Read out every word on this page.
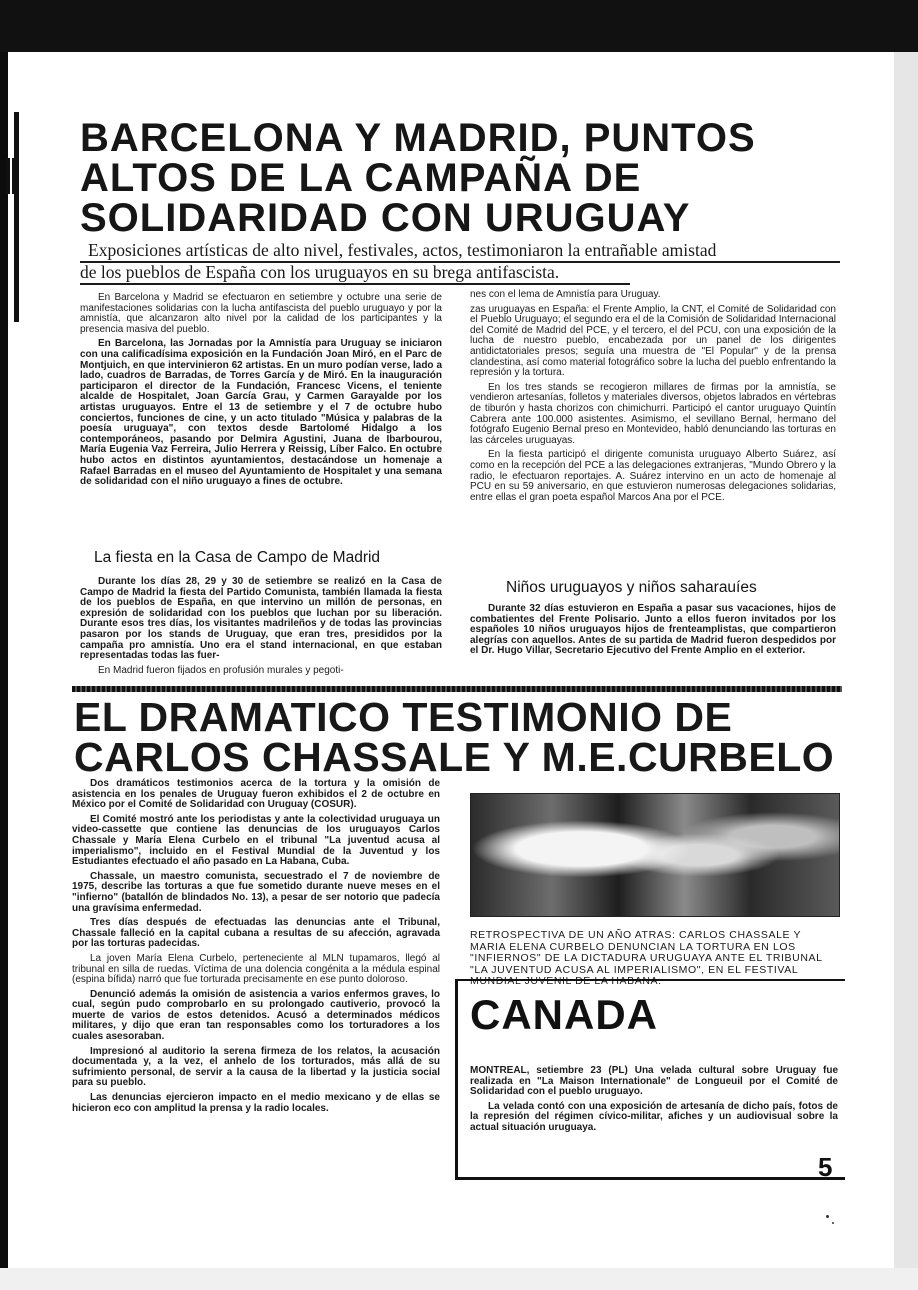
BARCELONA Y MADRID, PUNTOS
ALTOS DE LA CAMPAÑA DE
SOLIDARIDAD CON URUGUAY
Exposiciones artísticas de alto nivel, festivales, actos, testimoniaron la entrañable amistad
de los pueblos de España con los uruguayos en su brega antifascista.

En Barcelona y Madrid se efectuaron en setiembre y octubre una serie de manifestaciones solidarias con la lucha antifascista del pueblo uruguayo y por la amnistía, que alcanzaron alto nivel por la calidad de los participantes y la presencia masiva del pueblo.

En Barcelona, las Jornadas por la Amnistía para Uruguay se iniciaron con una calificadísima exposición en la Fundación Joan Miró, en el Parc de Montjuich, en que intervinieron 62 artistas. En un muro podían verse, lado a lado, cuadros de Barradas, de Torres García y de Miró. En la inauguración participaron el director de la Fundación, Francesc Vicens, el teniente alcalde de Hospitalet, Joan García Grau, y Carmen Garayalde por los artistas uruguayos. Entre el 13 de setiembre y el 7 de octubre hubo conciertos, funciones de cine, y un acto titulado "Música y palabras de la poesía uruguaya", con textos desde Bartolomé Hidalgo a los contemporáneos, pasando por Delmira Agustini, Juana de Ibarbourou, María Eugenia Vaz Ferreira, Julio Herrera y Reissig, Líber Falco. En octubre hubo actos en distintos ayuntamientos, destacándose un homenaje a Rafael Barradas en el museo del Ayuntamiento de Hospitalet y una semana de solidaridad con el niño uruguayo a fines de octubre.

La fiesta en la Casa de Campo de Madrid

Durante los días 28, 29 y 30 de setiembre se realizó en la Casa de Campo de Madrid la fiesta del Partido Comunista, también llamada la fiesta de los pueblos de España, en que intervino un millón de personas, en expresión de solidaridad con los pueblos que luchan por su liberación. Durante esos tres días, los visitantes madrileños y de todas las provincias pasaron por los stands de Uruguay, que eran tres, presididos por la campaña pro amnistía. Uno era el stand internacional, en que estaban representadas todas las fuer-

En Madrid fueron fijados en profusión murales y pegoti-

nes con el lema de Amnistía para Uruguay.

zas uruguayas en España: el Frente Amplio, la CNT, el Comité de Solidaridad con el Pueblo Uruguayo; el segundo era el de la Comisión de Solidaridad Internacional del Comité de Madrid del PCE, y el tercero, el del PCU, con una exposición de la lucha de nuestro pueblo, encabezada por un panel de los dirigentes antidictatoriales presos; seguía una muestra de "El Popular" y de la prensa clandestina, así como material fotográfico sobre la lucha del pueblo enfrentando la represión y la tortura.

En los tres stands se recogieron millares de firmas por la amnistía, se vendieron artesanías, folletos y materiales diversos, objetos labrados en vértebras de tiburón y hasta chorizos con chimichurri. Participó el cantor uruguayo Quintín Cabrera ante 100.000 asistentes. Asimismo, el sevillano Bernal, hermano del fotógrafo Eugenio Bernal preso en Montevideo, habló denunciando las torturas en las cárceles uruguayas.

En la fiesta participó el dirigente comunista uruguayo Alberto Suárez, así como en la recepción del PCE a las delegaciones extranjeras, "Mundo Obrero y la radio, le efectuaron reportajes. A. Suárez intervino en un acto de homenaje al PCU en su 59 aniversario, en que estuvieron numerosas delegaciones solidarias, entre ellas el gran poeta español Marcos Ana por el PCE.

Niños uruguayos y niños saharauíes

Durante 32 días estuvieron en España a pasar sus vacaciones, hijos de combatientes del Frente Polisario. Junto a ellos fueron invitados por los españoles 10 niños uruguayos hijos de frenteamplistas, que compartieron alegrías con aquellos. Antes de su partida de Madrid fueron despedidos por el Dr. Hugo Villar, Secretario Ejecutivo del Frente Amplio en el exterior.

EL DRAMATICO TESTIMONIO DE
CARLOS CHASSALE Y M.E.CURBELO

Dos dramáticos testimonios acerca de la tortura y la omisión de asistencia en los penales de Uruguay fueron exhibidos el 2 de octubre en México por el Comité de Solidaridad con Uruguay (COSUR).

El Comité mostró ante los periodistas y ante la colectividad uruguaya un video-cassette que contiene las denuncias de los uruguayos Carlos Chassale y María Elena Curbelo en el tribunal "La juventud acusa al imperialismo", incluido en el Festival Mundial de la Juventud y los Estudiantes efectuado el año pasado en La Habana, Cuba.

Chassale, un maestro comunista, secuestrado el 7 de noviembre de 1975, describe las torturas a que fue sometido durante nueve meses en el "infierno" (batallón de blindados No. 13), a pesar de ser notorio que padecía una gravísima enfermedad.

Tres días después de efectuadas las denuncias ante el Tribunal, Chassale falleció en la capital cubana a resultas de su afección, agravada por las torturas padecidas.

La joven María Elena Curbelo, perteneciente al MLN tupamaros, llegó al tribunal en silla de ruedas. Víctima de una dolencia congénita a la médula espinal (espina bífida) narró que fue torturada precisamente en ese punto doloroso.

Denunció además la omisión de asistencia a varios enfermos graves, lo cual, según pudo comprobarlo en su prolongado cautiverio, provocó la muerte de varios de estos detenidos. Acusó a determinados médicos militares, y dijo que eran tan responsables como los torturadores a los cuales asesoraban.

Impresionó al auditorio la serena firmeza de los relatos, la acusación documentada y, a la vez, el anhelo de los torturados, más allá de su sufrimiento personal, de servir a la causa de la libertad y la justicia social para su pueblo.

Las denuncias ejercieron impacto en el medio mexicano y de ellas se hicieron eco con amplitud la prensa y la radio locales.

RETROSPECTIVA DE UN AÑO ATRAS: CARLOS CHASSALE Y MARIA ELENA CURBELO DENUNCIAN LA TORTURA EN LOS "INFIERNOS" DE LA DICTADURA URUGUAYA ANTE EL TRIBUNAL "LA JUVENTUD ACUSA AL IMPERIALISMO", EN EL FESTIVAL MUNDIAL JUVENIL DE LA HABANA.
CANADA

MONTREAL, setiembre 23 (PL) Una velada cultural sobre Uruguay fue realizada en "La Maison Internationale" de Longueuil por el Comité de Solidaridad con el pueblo uruguayo.

La velada contó con una exposición de artesanía de dicho país, fotos de la represión del régimen cívico-militar, afiches y un audiovisual sobre la actual situación uruguaya.

5
